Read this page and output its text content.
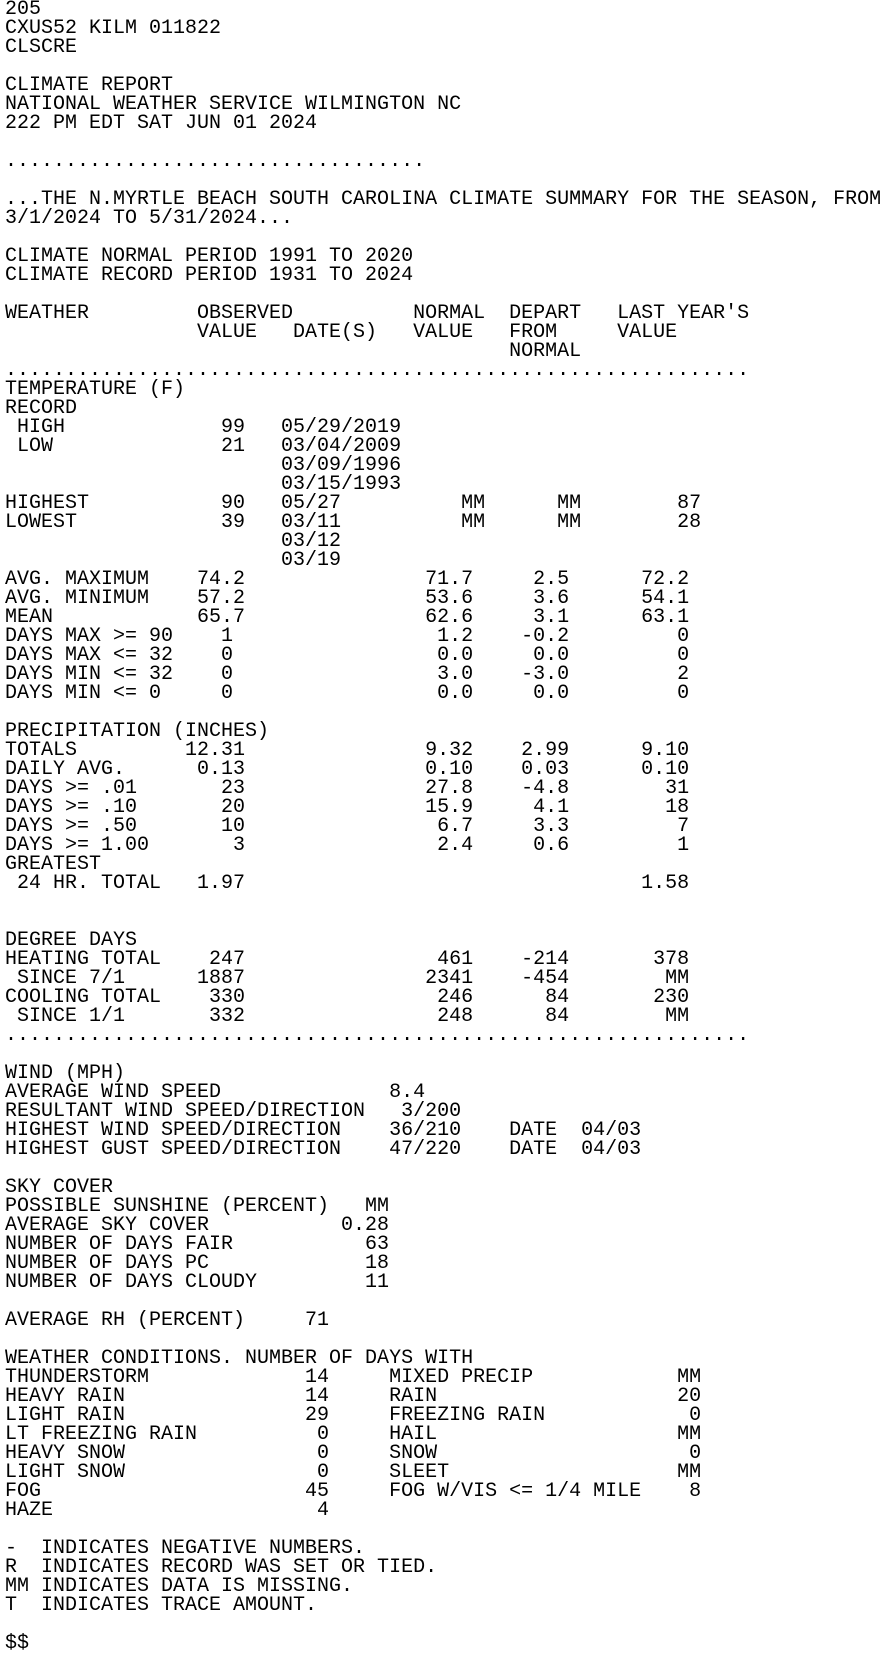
205
CXUS52 KILM 011822
CLSCRE
CLIMATE REPORT
NATIONAL WEATHER SERVICE WILMINGTON NC
222 PM EDT SAT JUN 01 2024
...................................
...THE N.MYRTLE BEACH SOUTH CAROLINA CLIMATE SUMMARY FOR THE SEASON, FROM
3/1/2024 TO 5/31/2024...
CLIMATE NORMAL PERIOD 1991 TO 2020
CLIMATE RECORD PERIOD 1931 TO 2024
WEATHER         OBSERVED          NORMAL  DEPART   LAST YEAR'S
VALUE   DATE(S)   VALUE   FROM     VALUE
NORMAL
..............................................................
TEMPERATURE (F)
RECORD
HIGH             99   05/29/2019
LOW              21   03/04/2009
03/09/1996
03/15/1993
HIGHEST           90   05/27          MM      MM        87
LOWEST            39   03/11          MM      MM        28
03/12
03/19
AVG. MAXIMUM    74.2               71.7     2.5      72.2
AVG. MINIMUM    57.2               53.6     3.6      54.1
MEAN            65.7               62.6     3.1      63.1
DAYS MAX >= 90    1                 1.2    -0.2         0
DAYS MAX <= 32    0                 0.0     0.0         0
DAYS MIN <= 32    0                 3.0    -3.0         2
DAYS MIN <= 0     0                 0.0     0.0         0
PRECIPITATION (INCHES)
TOTALS         12.31               9.32    2.99      9.10
DAILY AVG.      0.13               0.10    0.03      0.10
DAYS >= .01       23               27.8    -4.8        31
DAYS >= .10       20               15.9     4.1        18
DAYS >= .50       10                6.7     3.3         7
DAYS >= 1.00       3                2.4     0.6         1
GREATEST
24 HR. TOTAL   1.97                                 1.58
DEGREE DAYS
HEATING TOTAL    247                461    -214       378
SINCE 7/1      1887               2341    -454        MM
COOLING TOTAL    330                246      84       230
SINCE 1/1       332                248      84        MM
..............................................................
WIND (MPH)
AVERAGE WIND SPEED              8.4
RESULTANT WIND SPEED/DIRECTION   3/200
HIGHEST WIND SPEED/DIRECTION    36/210    DATE  04/03
HIGHEST GUST SPEED/DIRECTION    47/220    DATE  04/03
SKY COVER
POSSIBLE SUNSHINE (PERCENT)   MM
AVERAGE SKY COVER           0.28
NUMBER OF DAYS FAIR           63
NUMBER OF DAYS PC             18
NUMBER OF DAYS CLOUDY         11
AVERAGE RH (PERCENT)     71
WEATHER CONDITIONS. NUMBER OF DAYS WITH
THUNDERSTORM             14     MIXED PRECIP            MM
HEAVY RAIN               14     RAIN                    20
LIGHT RAIN               29     FREEZING RAIN            0
LT FREEZING RAIN          0     HAIL                    MM
HEAVY SNOW                0     SNOW                     0
LIGHT SNOW                0     SLEET                   MM
FOG                      45     FOG W/VIS <= 1/4 MILE    8
HAZE                      4
-  INDICATES NEGATIVE NUMBERS.
R  INDICATES RECORD WAS SET OR TIED.
MM INDICATES DATA IS MISSING.
T  INDICATES TRACE AMOUNT.
$$
